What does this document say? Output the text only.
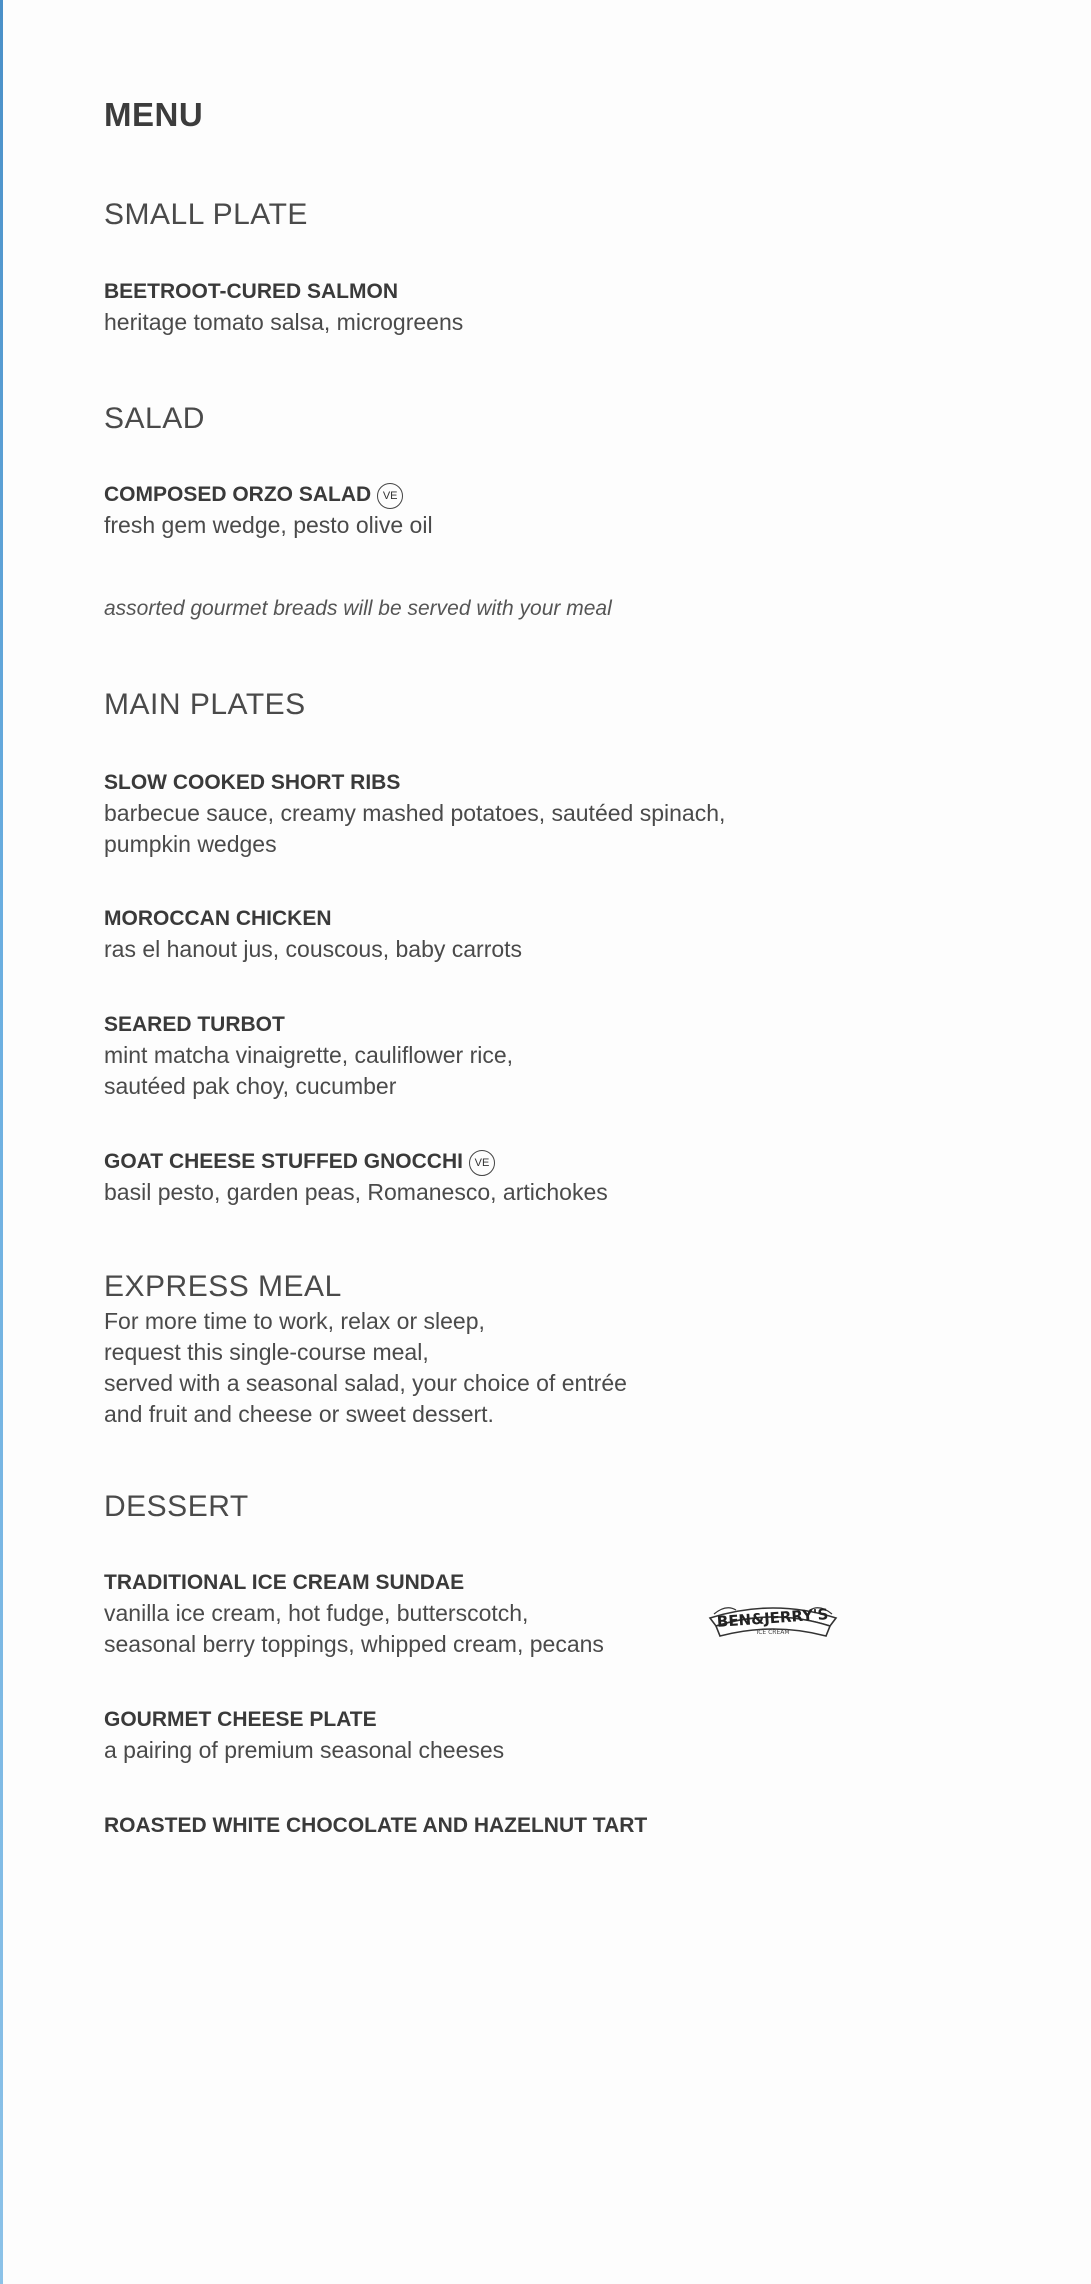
MENU
SMALL PLATE
BEETROOT-CURED SALMON
heritage tomato salsa, microgreens
SALAD
COMPOSED ORZO SALAD VE
fresh gem wedge, pesto olive oil
assorted gourmet breads will be served with your meal
MAIN PLATES
SLOW COOKED SHORT RIBS
barbecue sauce, creamy mashed potatoes, sautéed spinach,
pumpkin wedges
MOROCCAN CHICKEN
ras el hanout jus, couscous, baby carrots
SEARED TURBOT
mint matcha vinaigrette, cauliflower rice,
sautéed pak choy, cucumber
GOAT CHEESE STUFFED GNOCCHI VE
basil pesto, garden peas, Romanesco, artichokes
EXPRESS MEAL
For more time to work, relax or sleep,
request this single-course meal,
served with a seasonal salad, your choice of entrée
and fruit and cheese or sweet dessert.
DESSERT
TRADITIONAL ICE CREAM SUNDAE
vanilla ice cream, hot fudge, butterscotch,
seasonal berry toppings, whipped cream, pecans
BEN&JERRY'S
ICE CREAM
GOURMET CHEESE PLATE
a pairing of premium seasonal cheeses
ROASTED WHITE CHOCOLATE AND HAZELNUT TART
